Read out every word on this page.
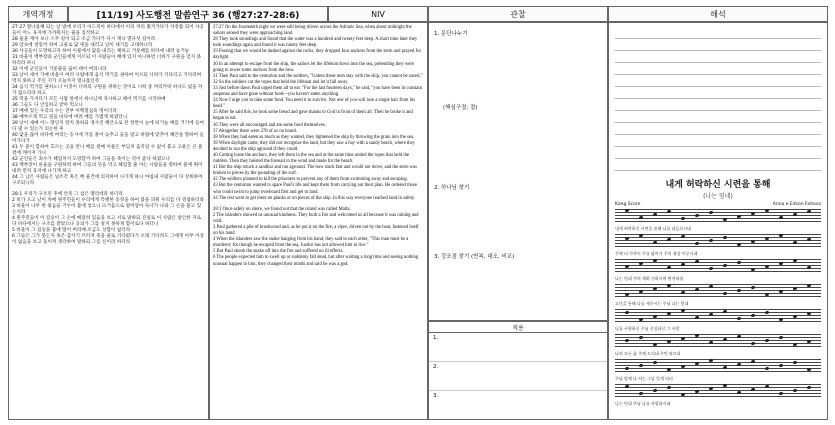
개역개정	[11/19] 사도행전 말씀연구 36 (행27:27-28:6)	NIV	관찰	해석
27:27 열나흘째 되는 날 밤에 우리가 아드리아 바다에서 이리 저리 쫓겨가다가 자정쯤 되어 사공들이 어느 육지에 가까워지는 줄을 짐작하고
28 물을 재어 보니 스무 길이 되고 조금 가다가 다시 재니 열다섯 길이라
29 암초에 걸릴까 하여 고물로 닻 넷을 내리고 날이 새기를 고대하니라
30 사공들이 도망하고자 하여 이물에서 닻을 내리는 체하고 거룻배를 바다에 내려 놓거늘
31 바울이 백부장과 군인들에게 이르되 이 사람들이 배에 있지 아니하면 너희가 구원을 얻지 못하리라 하니
32 이에 군인들이 거룻줄을 끊어 떼어 버리니라
33 날이 새어 가매 바울이 여러 사람에게 음식 먹기를 권하여 이르되 너희가 기다리고 기다리며 먹지 못하고 주린 지가 오늘까지 열나흘인즉
34 음식 먹기를 권하노니 이것이 너희의 구원을 위하는 것이요 너희 중 머리카락 하나도 잃을 자가 없으리라 하고
35 떡을 가져다가 모든 사람 앞에서 하나님께 축사하고 떼어 먹기를 시작하매
36 그들도 다 안심하고 받아 먹으니
37 배에 있는 우리의 수는 전부 이백칠십육 명이더라
38 배부르게 먹고 밀을 바다에 버려 배를 가볍게 하였더니
39 날이 새매 어느 땅인지 알지 못하되 경사진 해안으로 된 항만이 눈에 띄거늘 배를 거기에 들여다 댈 수 있는가 의논한 후
40 닻을 끊어 바다에 버리는 동시에 키를 풀어 늦추고 돛을 달고 바람에 맞추어 해안을 향하여 들어가다가
41 두 물이 합하여 흐르는 곳을 만나 배를 걸매 이물은 부딪쳐 움직일 수 없이 붙고 고물은 큰 물결에 깨어져 가니
42 군인들은 죄수가 헤엄쳐서 도망할까 하여 그들을 죽이는 것이 좋다 하였으나
43 백부장이 바울을 구원하려 하여 그들의 뜻을 막고 헤엄칠 줄 아는 사람들을 명하여 물에 뛰어내려 먼저 육지에 나가게 하고
44 그 남은 사람들은 널조각 혹은 배 물건에 의지하여 나가게 하니 마침내 사람들이 다 상륙하여 구조되니라
28:1 우리가 구조된 후에 안즉 그 섬은 멜리데라 하더라
2 비가 오고 날이 차매 원주민들이 우리에게 특별한 동정을 하여 불을 피워 우리를 다 영접하더라
3 바울이 나무 한 묶음을 거두어 불에 넣으니 뜨거움으로 말미암아 독사가 나와 그 손을 물고 있는지라
4 원주민들이 이 짐승이 그 손에 매달려 있음을 보고 서로 말하되 진실로 이 사람은 살인한 자로다 바다에서는 구조를 받았으나 공의가 그를 살지 못하게 함이로다 하더니
5 바울이 그 짐승을 불에 떨어 버리매 조금도 상함이 없더라
6 그들은 그가 붓든지 혹은 갑자기 쓰러져 죽을 줄로 기다렸다가 오래 기다려도 그에게 아무 이상이 없음을 보고 돌이켜 생각하여 말하되 그를 신이라 하더라
27:27 On the fourteenth night we were still being driven across the Adriatic Sea, when about midnight the sailors sensed they were approaching land.
28 They took soundings and found that the water was a hundred and twenty feet deep. A short time later they took soundings again and found it was ninety feet deep.
29 Fearing that we would be dashed against the rocks, they dropped four anchors from the stern and prayed for daylight.
30 In an attempt to escape from the ship, the sailors let the lifeboat down into the sea, pretending they were going to lower some anchors from the bow.
31 Then Paul said to the centurion and the soldiers, "Unless these men stay with the ship, you cannot be saved."
32 So the soldiers cut the ropes that held the lifeboat and let it fall away.
33 Just before dawn Paul urged them all to eat. "For the last fourteen days," he said, "you have been in constant suspense and have gone without food—you haven't eaten anything.
34 Now I urge you to take some food. You need it to survive. Not one of you will lose a single hair from his head."
35 After he said this, he took some bread and gave thanks to God in front of them all. Then he broke it and began to eat.
36 They were all encouraged and ate some food themselves.
37 Altogether there were 276 of us on board.
38 When they had eaten as much as they wanted, they lightened the ship by throwing the grain into the sea.
39 When daylight came, they did not recognize the land, but they saw a bay with a sandy beach, where they decided to run the ship aground if they could.
40 Cutting loose the anchors, they left them in the sea and at the same time untied the ropes that held the rudders. Then they hoisted the foresail to the wind and made for the beach.
41 But the ship struck a sandbar and ran aground. The bow stuck fast and would not move, and the stern was broken to pieces by the pounding of the surf.
42 The soldiers planned to kill the prisoners to prevent any of them from swimming away and escaping.
43 But the centurion wanted to spare Paul's life and kept them from carrying out their plan. He ordered those who could swim to jump overboard first and get to land.
44 The rest were to get there on planks or on pieces of the ship. In this way everyone reached land in safety.
28:1 Once safely on shore, we found out that the island was called Malta.
2 The islanders showed us unusual kindness. They built a fire and welcomed us all because it was raining and cold.
3 Paul gathered a pile of brushwood and, as he put it on the fire, a viper, driven out by the heat, fastened itself on his hand.
4 When the islanders saw the snake hanging from his hand, they said to each other, "This man must be a murderer; for though he escaped from the sea, Justice has not allowed him to live."
5 But Paul shook the snake off into the fire and suffered no ill effects.
6 The people expected him to swell up or suddenly fall dead, but after waiting a long time and seeing nothing unusual happen to him, they changed their minds and said he was a god.
1. 문단나누기
(핵심구절: 절)
2. 하나님 찾기
3. 강조점 찾기 (반복, 대조, 비교)
적용
1.
2.
3.
내게 허락하신 시련을 통해
(나는 믿네)
Kang Score	Anna e Edson Feitosa
내게 허락하신 시련을 통해 나를 다듬으시네
주께 더 가까이 주를 닮아가 주의 형상 이루시네
나는 믿네 주의 계획 선하시며 완전하심
고난을 통해 나를 세우시는 주님 나는 믿네
나를 구원하신 주님 신실하신 그 사랑
나의 모든 삶 주께 드리네 주만 따르리
주님 앞에 나 서는 그날 알게 되리
나는 믿네 주님 나를 사랑하시네
